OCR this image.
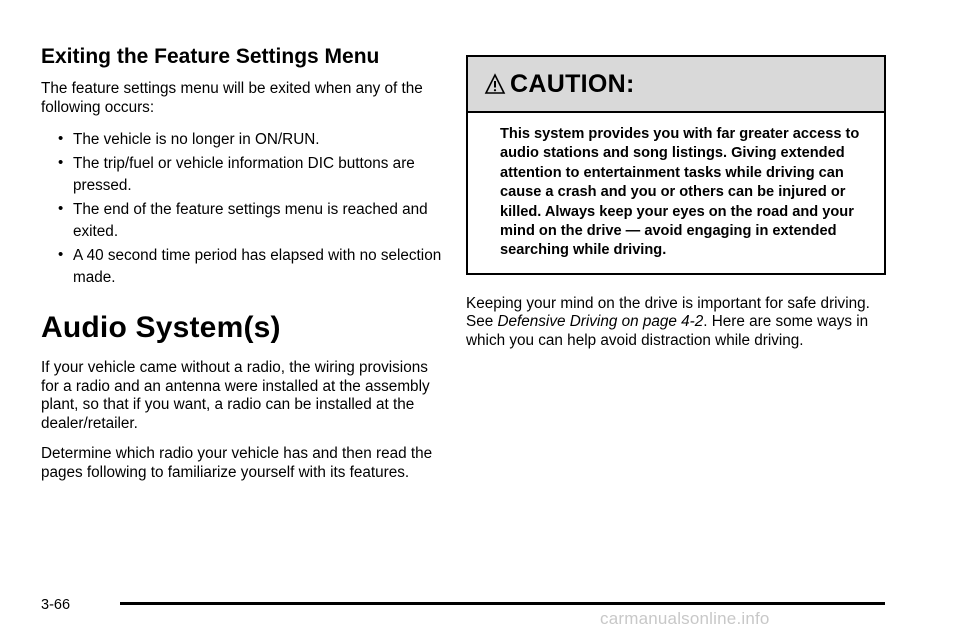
Exiting the Feature Settings Menu

The feature settings menu will be exited when any of the following occurs:

• The vehicle is no longer in ON/RUN.
• The trip/fuel or vehicle information DIC buttons are pressed.
• The end of the feature settings menu is reached and exited.
• A 40 second time period has elapsed with no selection made.
Audio System(s)

If your vehicle came without a radio, the wiring provisions for a radio and an antenna were installed at the assembly plant, so that if you want, a radio can be installed at the dealer/retailer.

Determine which radio your vehicle has and then read the pages following to familiarize yourself with its features.

CAUTION:
This system provides you with far greater access to audio stations and song listings. Giving extended attention to entertainment tasks while driving can cause a crash and you or others can be injured or killed. Always keep your eyes on the road and your mind on the drive — avoid engaging in extended searching while driving.

Keeping your mind on the drive is important for safe driving. See Defensive Driving on page 4-2. Here are some ways in which you can help avoid distraction while driving.

3-66
carmanualsonline.info
